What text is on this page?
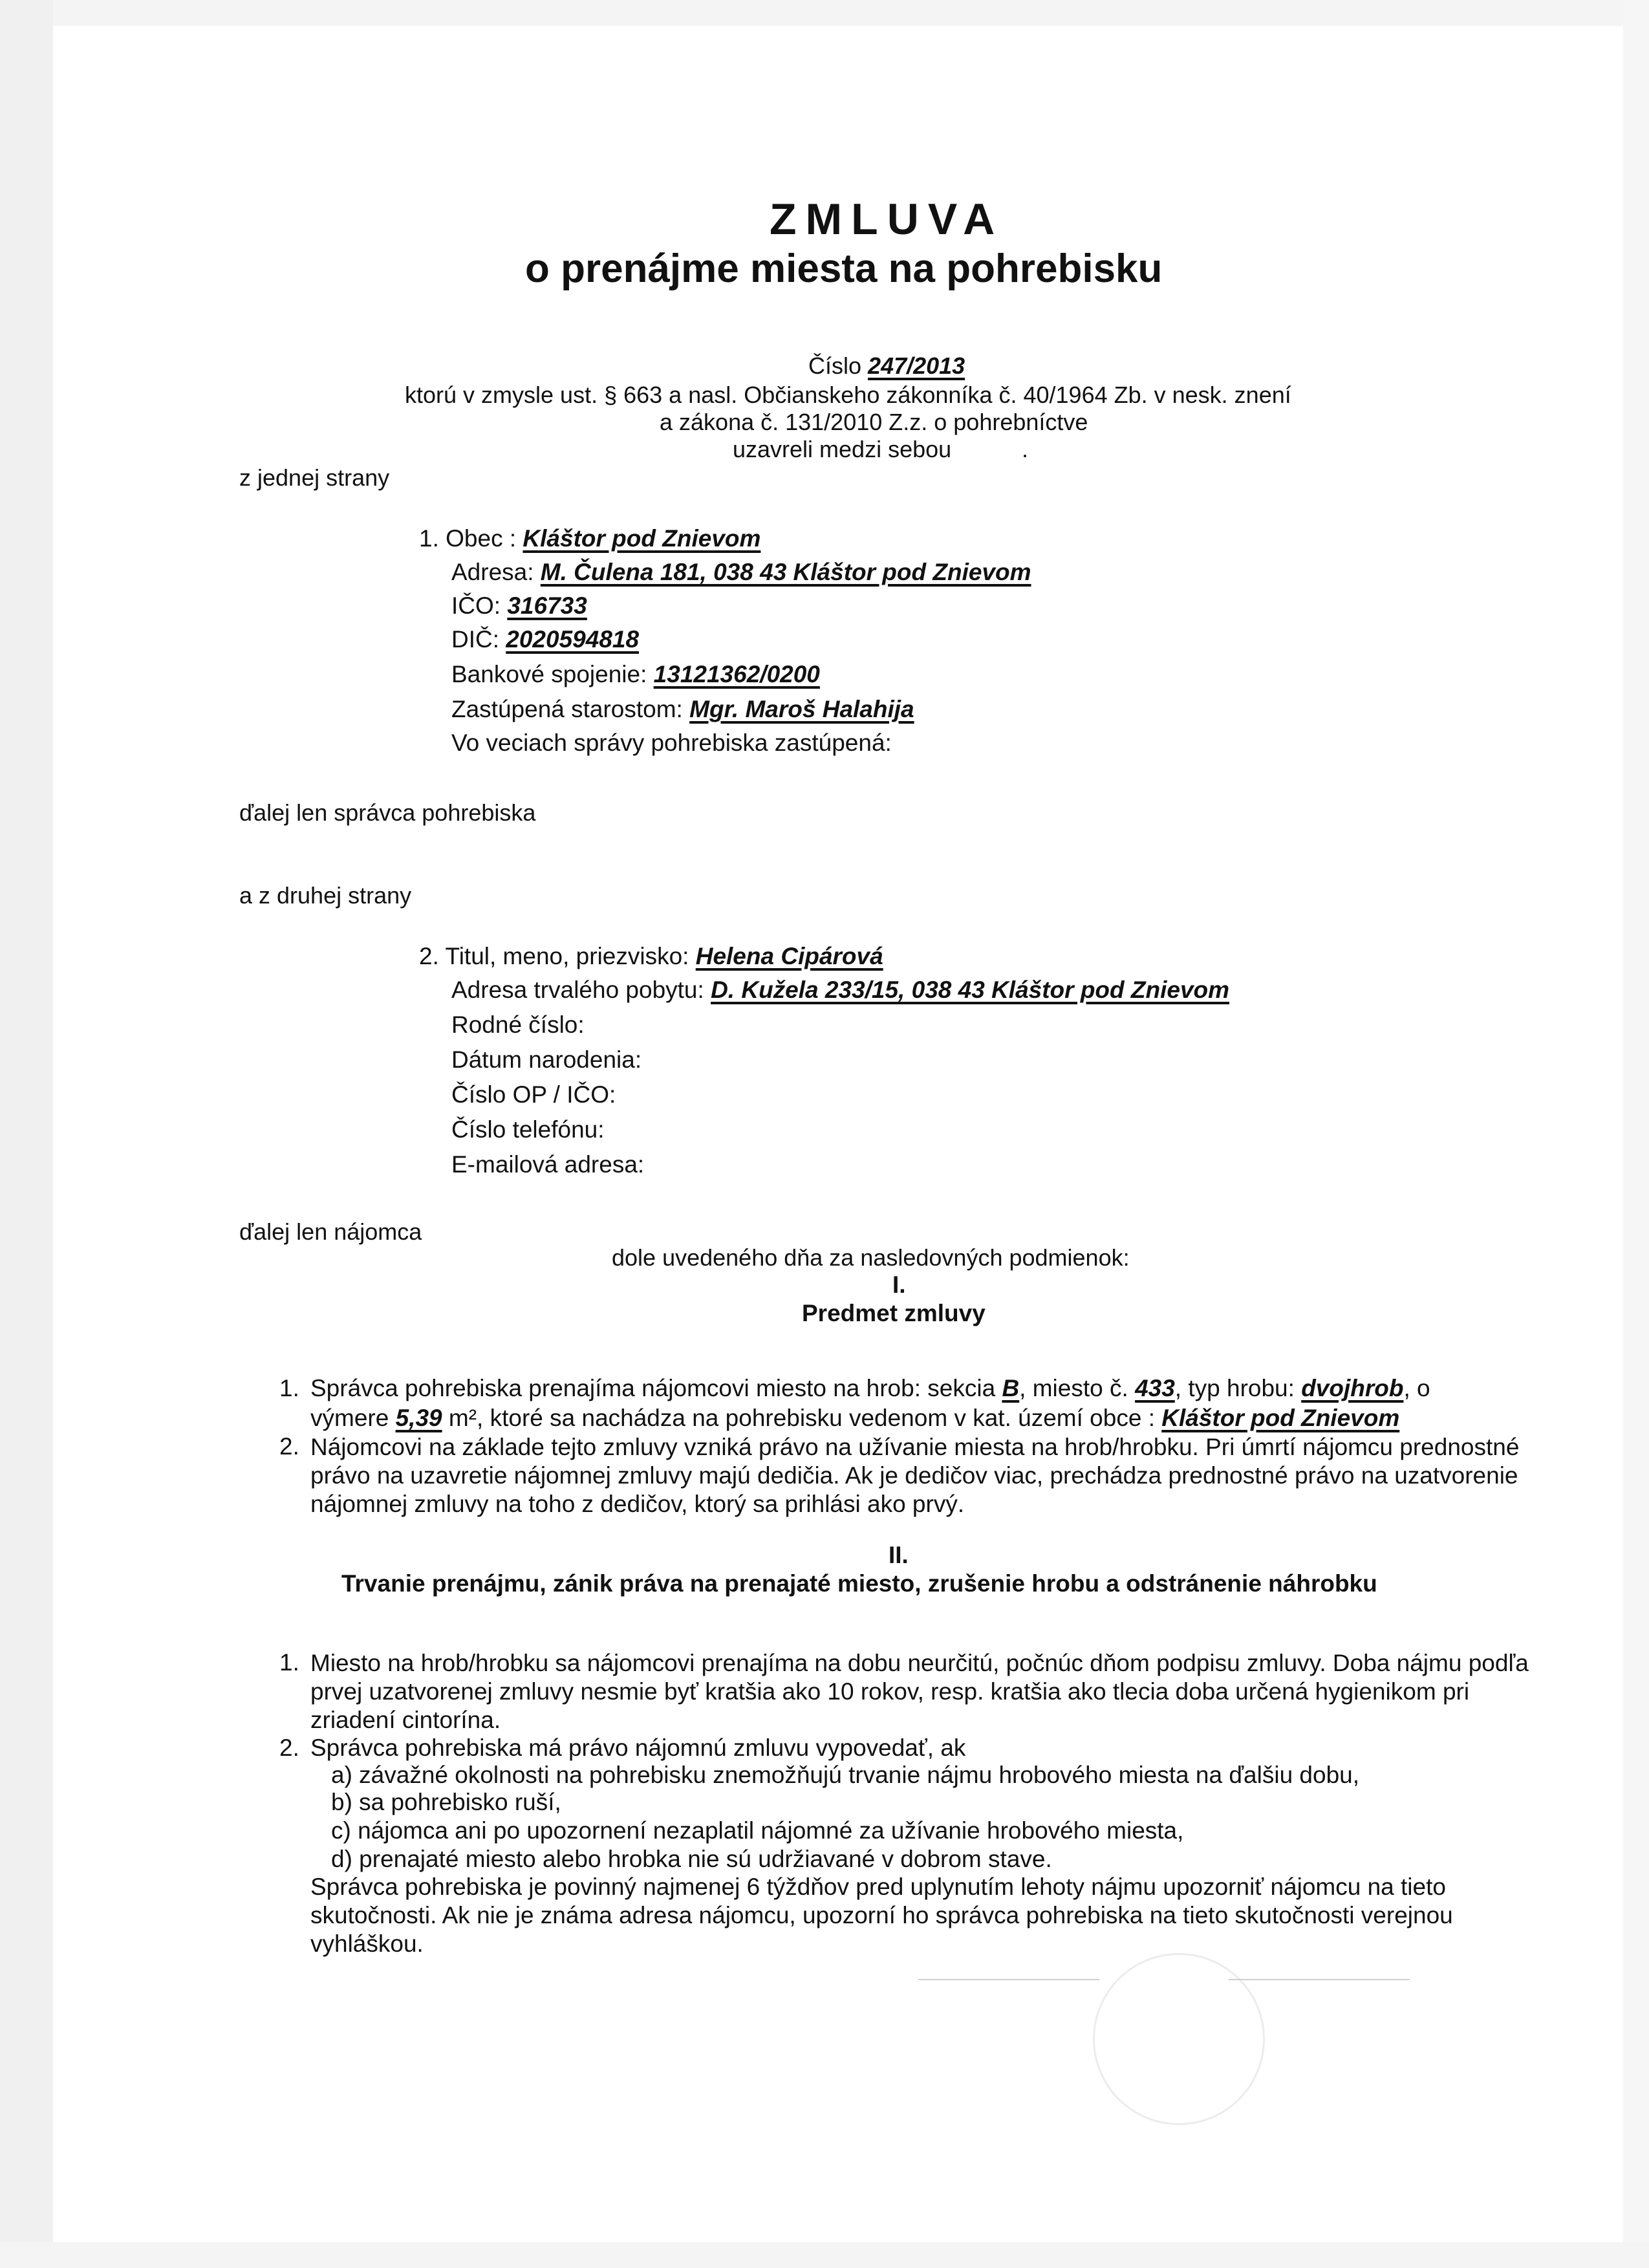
ZMLUVA
o prenájme miesta na pohrebisku
Číslo 247/2013
ktorú v zmysle ust. § 663 a nasl. Občianskeho zákonníka č. 40/1964 Zb. v nesk. znení
a zákona č. 131/2010 Z.z. o pohrebníctve
uzavreli medzi sebou	.
z jednej strany
1. Obec : Kláštor pod Znievom
Adresa: M. Čulena 181, 038 43 Kláštor pod Znievom
IČO: 316733
DIČ: 2020594818
Bankové spojenie: 13121362/0200
Zastúpená starostom: Mgr. Maroš Halahija
Vo veciach správy pohrebiska zastúpená:
ďalej len správca pohrebiska
a z druhej strany
2. Titul, meno, priezvisko: Helena Cipárová
Adresa trvalého pobytu: D. Kužela 233/15, 038 43 Kláštor pod Znievom
Rodné číslo:
Dátum narodenia:
Číslo OP / IČO:
Číslo telefónu:
E-mailová adresa:
ďalej len nájomca
dole uvedeného dňa za nasledovných podmienok:
I.
Predmet zmluvy
1. Správca pohrebiska prenajíma nájomcovi miesto na hrob: sekcia B, miesto č. 433, typ hrobu: dvojhrob, o
výmere 5,39 m², ktoré sa nachádza na pohrebisku vedenom v kat. území obce : Kláštor pod Znievom
2. Nájomcovi na základe tejto zmluvy vzniká právo na užívanie miesta na hrob/hrobku. Pri úmrtí nájomcu prednostné právo na uzavretie nájomnej zmluvy majú dedičia. Ak je dedičov viac, prechádza prednostné právo na uzatvorenie nájomnej zmluvy na toho z dedičov, ktorý sa prihlási ako prvý.
II.
Trvanie prenájmu, zánik práva na prenajaté miesto, zrušenie hrobu a odstránenie náhrobku
1. Miesto na hrob/hrobku sa nájomcovi prenajíma na dobu neurčitú, počnúc dňom podpisu zmluvy. Doba nájmu podľa prvej uzatvorenej zmluvy nesmie byť kratšia ako 10 rokov, resp. kratšia ako tlecia doba určená hygienikom pri zriadení cintorína.
2. Správca pohrebiska má právo nájomnú zmluvu vypovedať, ak
a) závažné okolnosti na pohrebisku znemožňujú trvanie nájmu hrobového miesta na ďalšiu dobu,
b) sa pohrebisko ruší,
c) nájomca ani po upozornení nezaplatil nájomné za užívanie hrobového miesta,
d) prenajaté miesto alebo hrobka nie sú udržiavané v dobrom stave.
Správca pohrebiska je povinný najmenej 6 týždňov pred uplynutím lehoty nájmu upozorniť nájomcu na tieto skutočnosti. Ak nie je známa adresa nájomcu, upozorní ho správca pohrebiska na tieto skutočnosti verejnou vyhláškou.
